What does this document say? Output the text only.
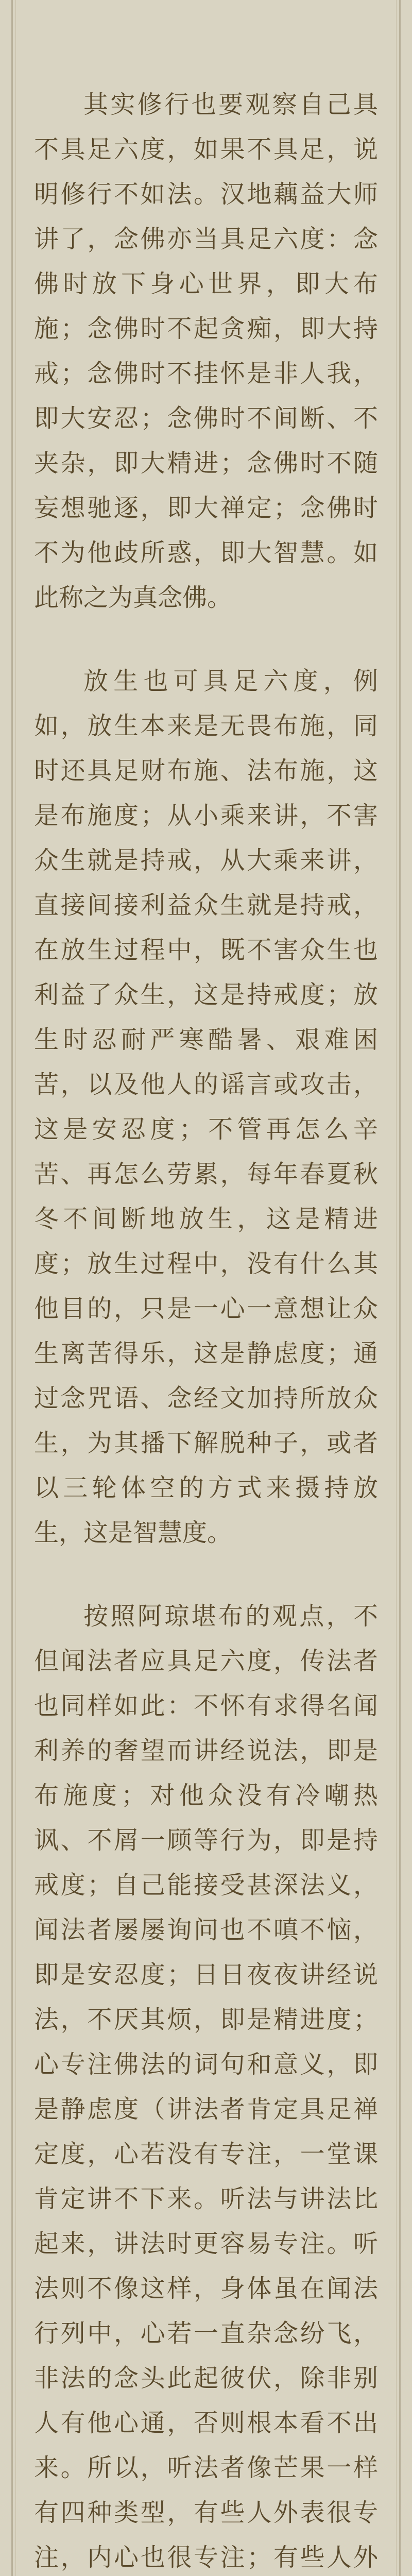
其实修行也要观察自己具不具足六度，如果不具足，说明修行不如法。汉地藕益大师讲了，念佛亦当具足六度：念佛时放下身心世界，即大布施；念佛时不起贪痴，即大持戒；念佛时不挂怀是非人我，即大安忍；念佛时不间断、不夹杂，即大精进；念佛时不随妄想驰逐，即大禅定；念佛时不为他歧所惑，即大智慧。如此称之为真念佛。

放生也可具足六度，例如，放生本来是无畏布施，同时还具足财布施、法布施，这是布施度；从小乘来讲，不害众生就是持戒，从大乘来讲，直接间接利益众生就是持戒，在放生过程中，既不害众生也利益了众生，这是持戒度；放生时忍耐严寒酷暑、艰难困苦，以及他人的谣言或攻击，这是安忍度；不管再怎么辛苦、再怎么劳累，每年春夏秋冬不间断地放生，这是精进度；放生过程中，没有什么其他目的，只是一心一意想让众生离苦得乐，这是静虑度；通过念咒语、念经文加持所放众生，为其播下解脱种子，或者以三轮体空的方式来摄持放生，这是智慧度。

按照阿琼堪布的观点，不但闻法者应具足六度，传法者也同样如此：不怀有求得名闻利养的奢望而讲经说法，即是布施度；对他众没有冷嘲热讽、不屑一顾等行为，即是持戒度；自己能接受甚深法义，闻法者屡屡询问也不嗔不恼，即是安忍度；日日夜夜讲经说法，不厌其烦，即是精进度；心专注佛法的词句和意义，即是静虑度（讲法者肯定具足禅定度，心若没有专注，一堂课肯定讲不下来。听法与讲法比起来，讲法时更容易专注。听法则不像这样，身体虽在闻法行列中，心若一直杂念纷飞，非法的念头此起彼伏，除非别人有他心通，否则根本看不出来。所以，听法者像芒果一样有四种类型，有些人外表很专注，内心也很专注；有些人外
